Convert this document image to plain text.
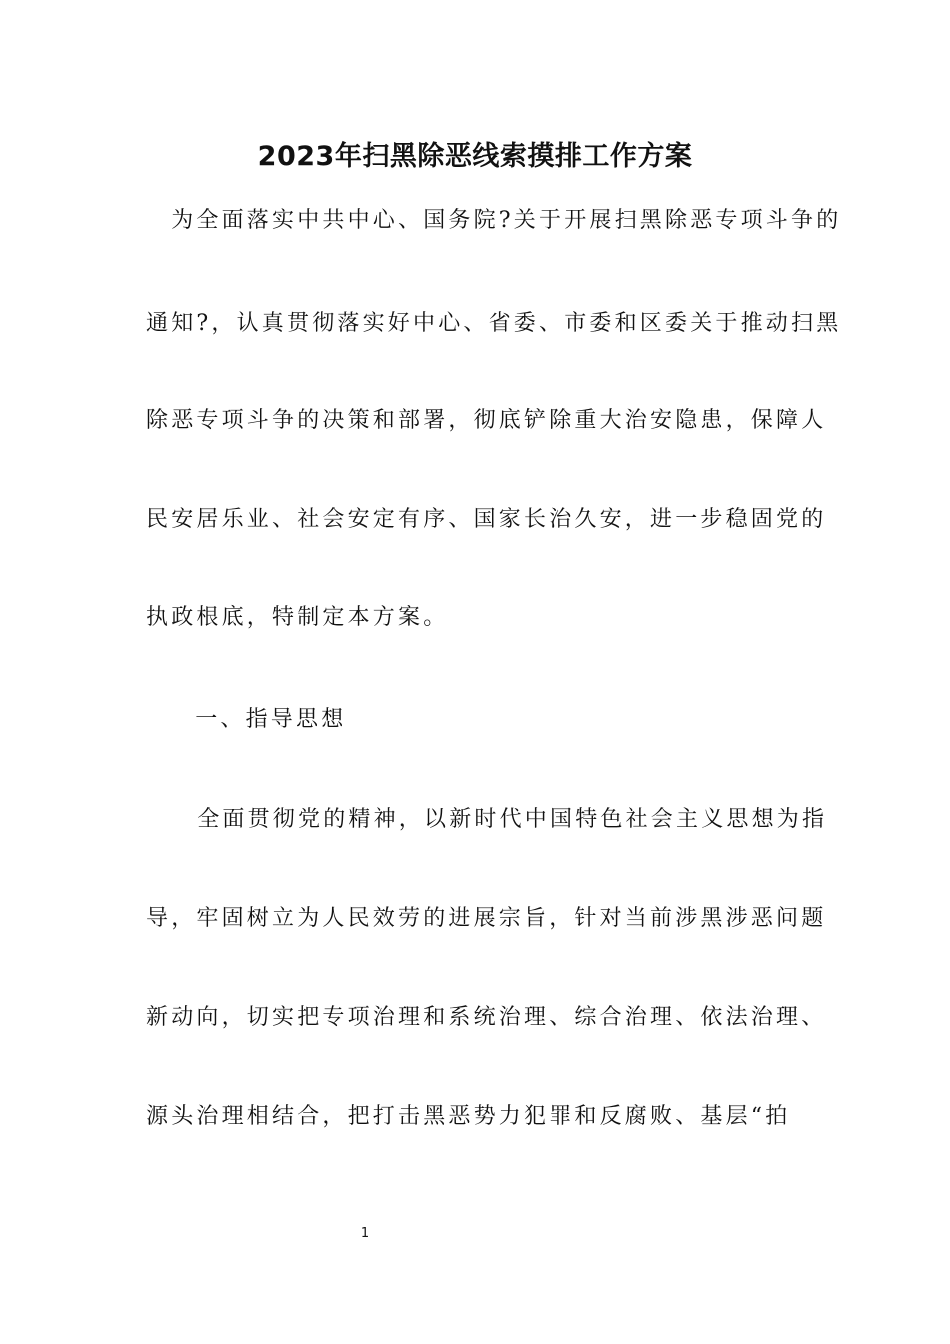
2023年扫黑除恶线索摸排工作方案

　为全面落实中共中心、国务院?关于开展扫黑除恶专项斗争的

通知?，认真贯彻落实好中心、省委、市委和区委关于推动扫黑

除恶专项斗争的决策和部署，彻底铲除重大治安隐患，保障人

民安居乐业、社会安定有序、国家长治久安，进一步稳固党的

执政根底，特制定本方案。

　一、指导思想

　全面贯彻党的精神，以新时代中国特色社会主义思想为指

导，牢固树立为人民效劳的进展宗旨，针对当前涉黑涉恶问题

新动向，切实把专项治理和系统治理、综合治理、依法治理、

源头治理相结合，把打击黑恶势力犯罪和反腐败、基层“拍

1
